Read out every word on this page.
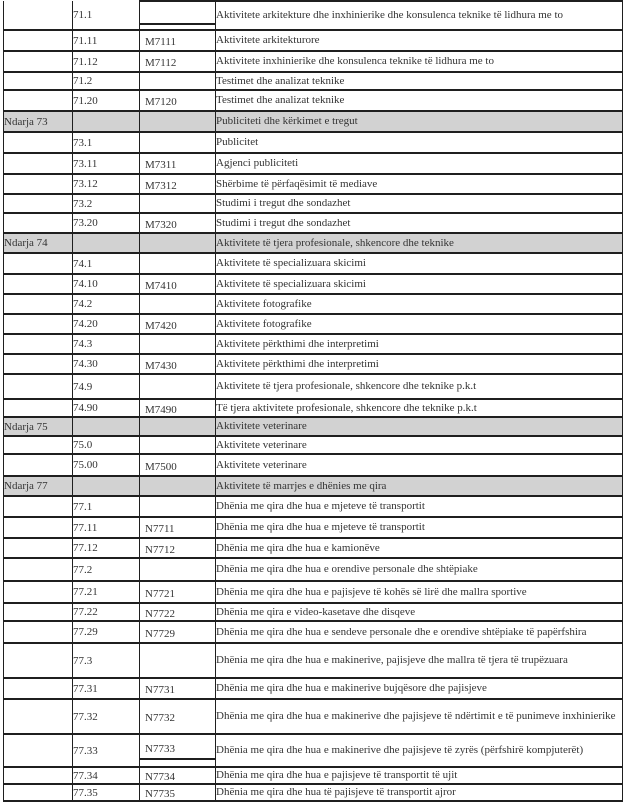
	71.1		Aktivitete arkitekture dhe inxhinierike dhe konsulenca teknike të lidhura me to
	71.11	M7111	Aktivitete arkitekturore
	71.12	M7112	Aktivitete inxhinierike dhe konsulenca teknike të lidhura me to
	71.2		Testimet dhe analizat teknike
	71.20	M7120	Testimet dhe analizat teknike
Ndarja 73			Publiciteti dhe kërkimet e tregut
	73.1		Publicitet
	73.11	M7311	Agjenci publiciteti
	73.12	M7312	Shërbime të përfaqësimit të mediave
	73.2		Studimi i tregut dhe sondazhet
	73.20	M7320	Studimi i tregut dhe sondazhet
Ndarja 74			Aktivitete të tjera profesionale, shkencore dhe teknike
	74.1		Aktivitete të specializuara skicimi
	74.10	M7410	Aktivitete të specializuara skicimi
	74.2		Aktivitete fotografike
	74.20	M7420	Aktivitete fotografike
	74.3		Aktivitete përkthimi dhe interpretimi
	74.30	M7430	Aktivitete përkthimi dhe interpretimi
	74.9		Aktivitete të tjera profesionale, shkencore dhe teknike p.k.t
	74.90	M7490	Të tjera aktivitete profesionale, shkencore dhe teknike p.k.t
Ndarja 75			Aktivitete veterinare
	75.0		Aktivitete veterinare
	75.00	M7500	Aktivitete veterinare
Ndarja 77			Aktivitete të marrjes e dhënies me qira
	77.1		Dhënia me qira dhe hua e mjeteve të transportit
	77.11	N7711	Dhënia me qira dhe hua e mjeteve të transportit
	77.12	N7712	Dhënia me qira dhe hua e kamionëve
	77.2		Dhënia me qira dhe hua e orendive personale dhe shtëpiake
	77.21	N7721	Dhënia me qira dhe hua e pajisjeve të kohës së lirë dhe mallra sportive
	77.22	N7722	Dhënia me qira e video-kasetave dhe disqeve
	77.29	N7729	Dhënia me qira dhe hua e sendeve personale dhe e orendive shtëpiake të papërfshira
	77.3		Dhënia me qira dhe hua e makinerive, pajisjeve dhe mallra të tjera të trupëzuara
	77.31	N7731	Dhënia me qira dhe hua e makinerive bujqësore dhe pajisjeve
	77.32	N7732	Dhënia me qira dhe hua e makinerive dhe pajisjeve të ndërtimit e të punimeve inxhinierike
	77.33	N7733	Dhënia me qira dhe hua e makinerive dhe pajisjeve të zyrës (përfshirë kompjuterët)
	77.34	N7734	Dhënia me qira dhe hua e pajisjeve të transportit të ujit
	77.35	N7735	Dhënia me qira dhe hua të pajisjeve të transportit ajror
